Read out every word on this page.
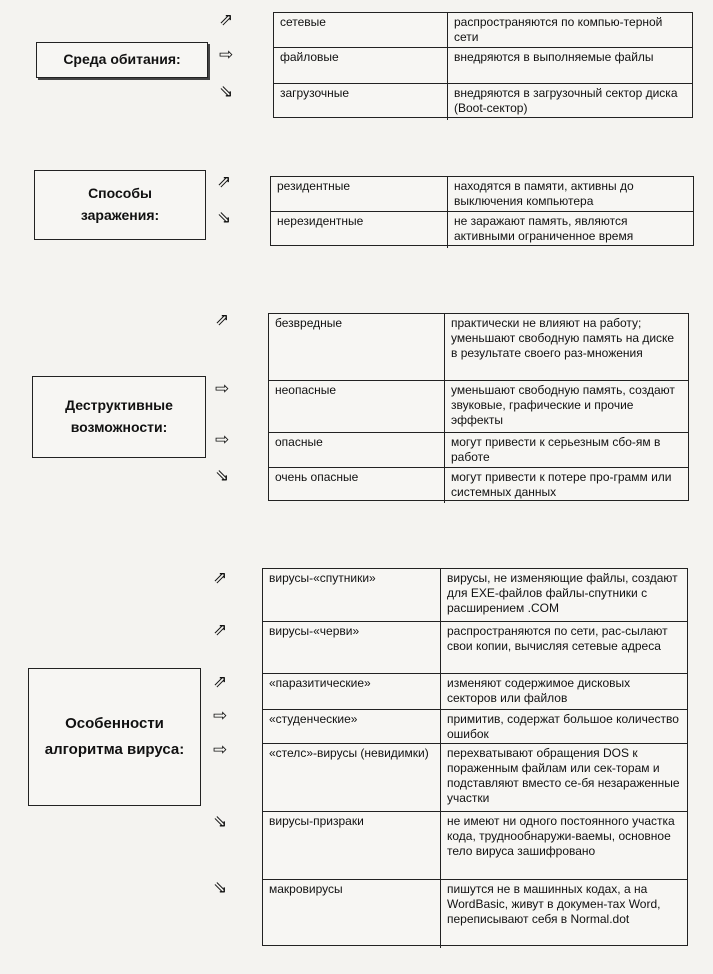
Среда обитания:
⇗
⇨
⇘
сетевые	распространяются по компью-терной сети
файловые	внедряются в выполняемые файлы
загрузочные	внедряются в загрузочный сектор диска (Boot-сектор)
Способы заражения:
⇗
⇘
резидентные	находятся в памяти, активны до выключения компьютера
нерезидентные	не заражают память, являются активными ограниченное время
Деструктивные возможности:
⇗
⇨
⇨
⇘
безвредные	практически не влияют на работу; уменьшают свободную память на диске в результате своего раз-множения
неопасные	уменьшают свободную память, создают звуковые, графические и прочие эффекты
опасные	могут привести к серьезным сбо-ям в работе
очень опасные	могут привести к потере про-грамм или системных данных
Особенности алгоритма вируса:
⇗
⇗
⇗
⇨
⇨
⇘
⇘
вирусы-«спутники»	вирусы, не изменяющие файлы, создают для EXE-файлов файлы-спутники с расширением .COM
вирусы-«черви»	распространяются по сети, рас-сылают свои копии, вычисляя сетевые адреса
«паразитические»	изменяют содержимое дисковых секторов или файлов
«студенческие»	примитив, содержат большое количество ошибок
«стелс»-вирусы (невидимки)	перехватывают обращения DOS к пораженным файлам или сек-торам и подставляют вместо се-бя незараженные участки
вирусы-призраки	не имеют ни одного постоянного участка кода, труднообнаружи-ваемы, основное тело вируса зашифровано
макровирусы	пишутся не в машинных кодах, а на WordBasic, живут в докумен-тах Word, переписывают себя в Normal.dot
